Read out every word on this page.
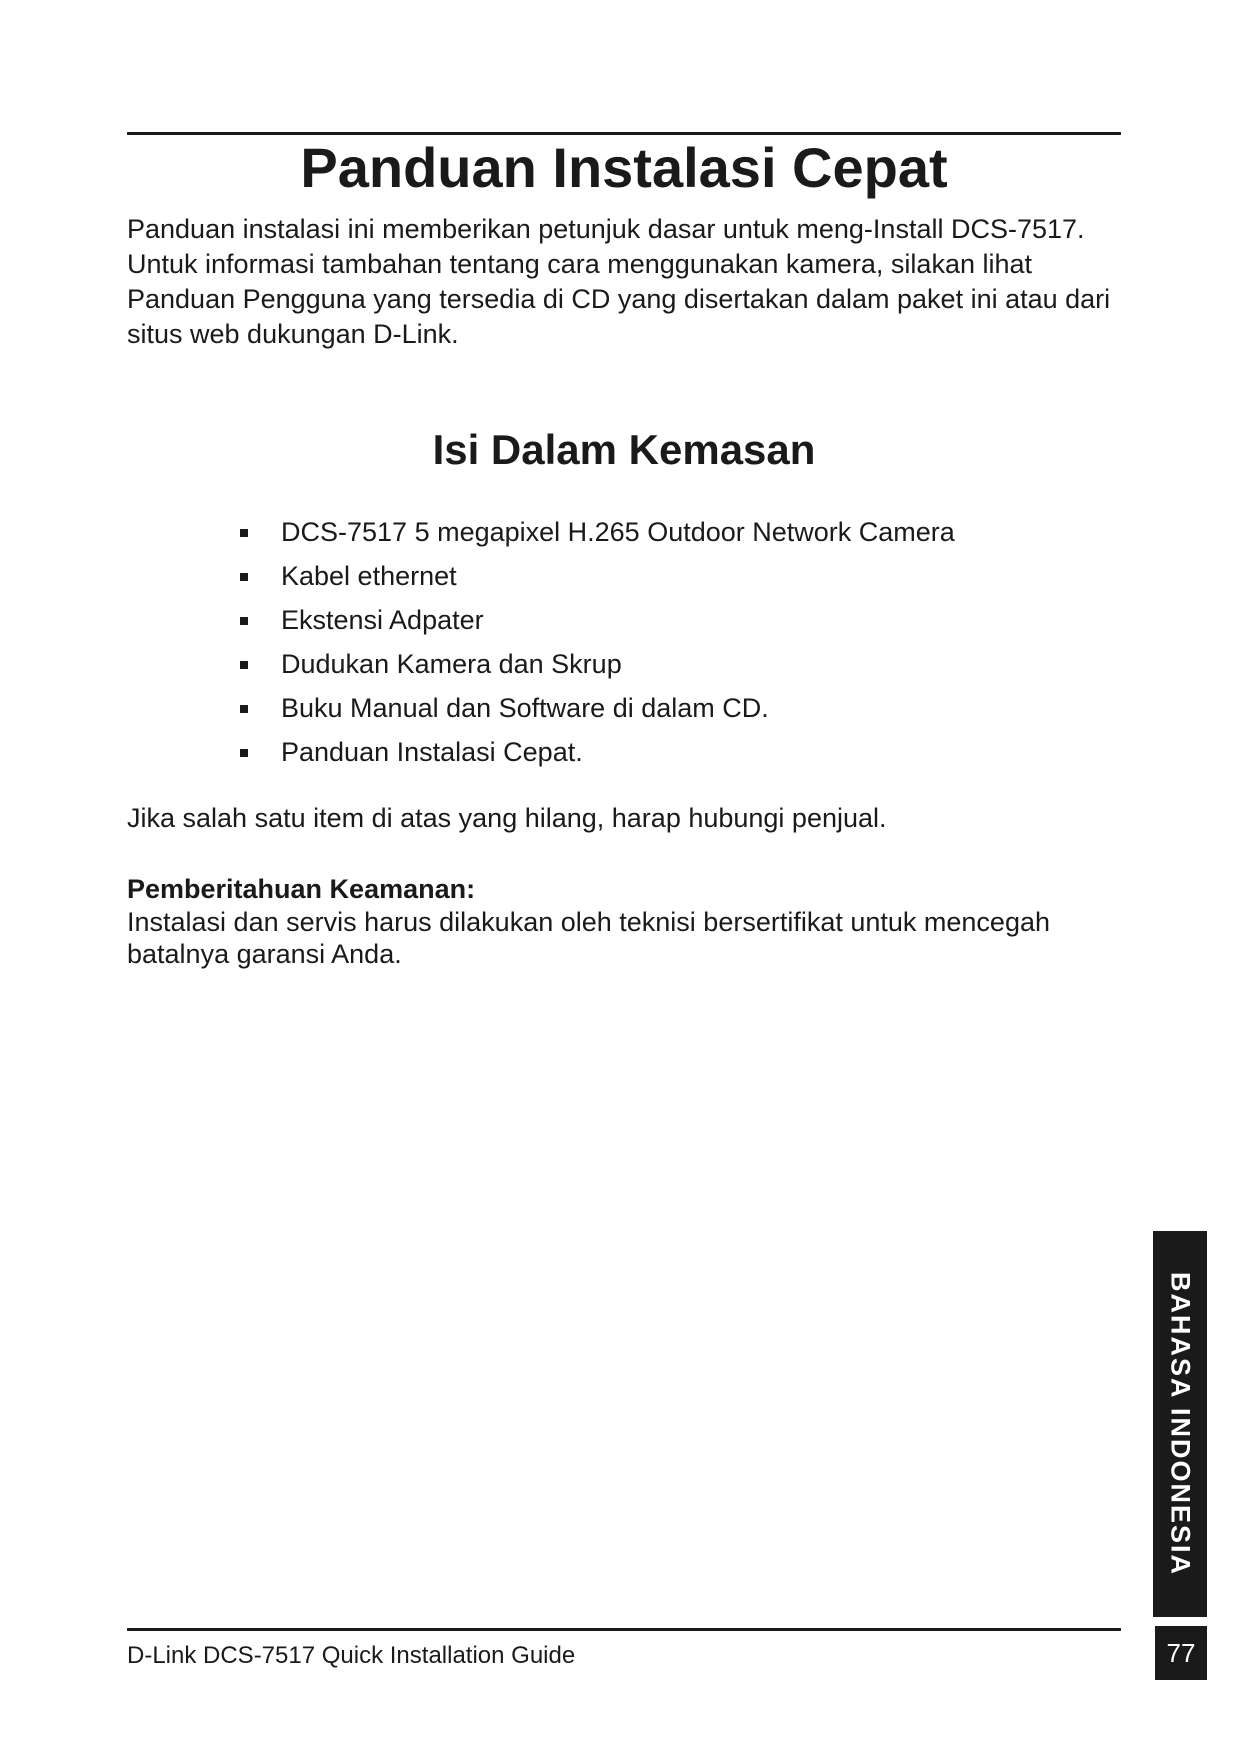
Panduan Instalasi Cepat

Panduan instalasi ini memberikan petunjuk dasar untuk meng-Install DCS-7517. Untuk informasi tambahan tentang cara menggunakan kamera, silakan lihat Panduan Pengguna yang tersedia di CD yang disertakan dalam paket ini atau dari situs web dukungan D-Link.

Isi Dalam Kemasan
DCS-7517 5 megapixel H.265 Outdoor Network Camera
Kabel ethernet
Ekstensi Adpater
Dudukan Kamera dan Skrup
Buku Manual dan Software di dalam CD.
Panduan Instalasi Cepat.

Jika salah satu item di atas yang hilang, harap hubungi penjual.

Pemberitahuan Keamanan:

Instalasi dan servis harus dilakukan oleh teknisi bersertifikat untuk mencegah batalnya garansi Anda.

BAHASA INDONESIA

D-Link DCS-7517 Quick Installation Guide	77
